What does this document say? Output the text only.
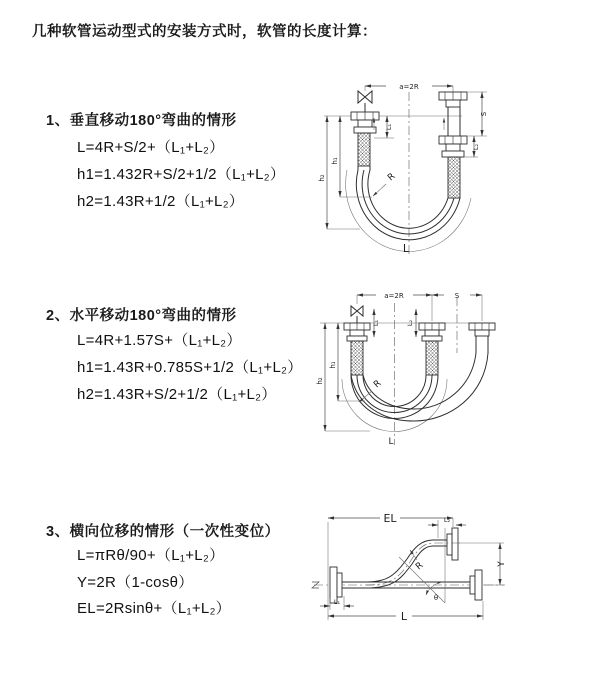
几种软管运动型式的安装方式时，软管的长度计算：
1、垂直移动180°弯曲的情形
L=4R+S/2+（L₁+L₂）
h1=1.432R+S/2+1/2（L₁+L₂）
h2=1.43R+1/2（L₁+L₂）
2、水平移动180°弯曲的情形
L=4R+1.57S+（L₁+L₂）
h1=1.43R+0.785S+1/2（L₁+L₂）
h2=1.43R+S/2+1/2（L₁+L₂）
3、横向位移的情形（一次性变位）
L=πRθ/90+（L₁+L₂）
Y=2R（1-cosθ）
EL=2Rsinθ+（L₁+L₂）
a=2R
h₁
h₂
L₁
S
L₂
R
L
a=2R	S
h₁
h₂
L₁	L₂
R
L
EL	L₂
θ
R	Y
L₁
L
